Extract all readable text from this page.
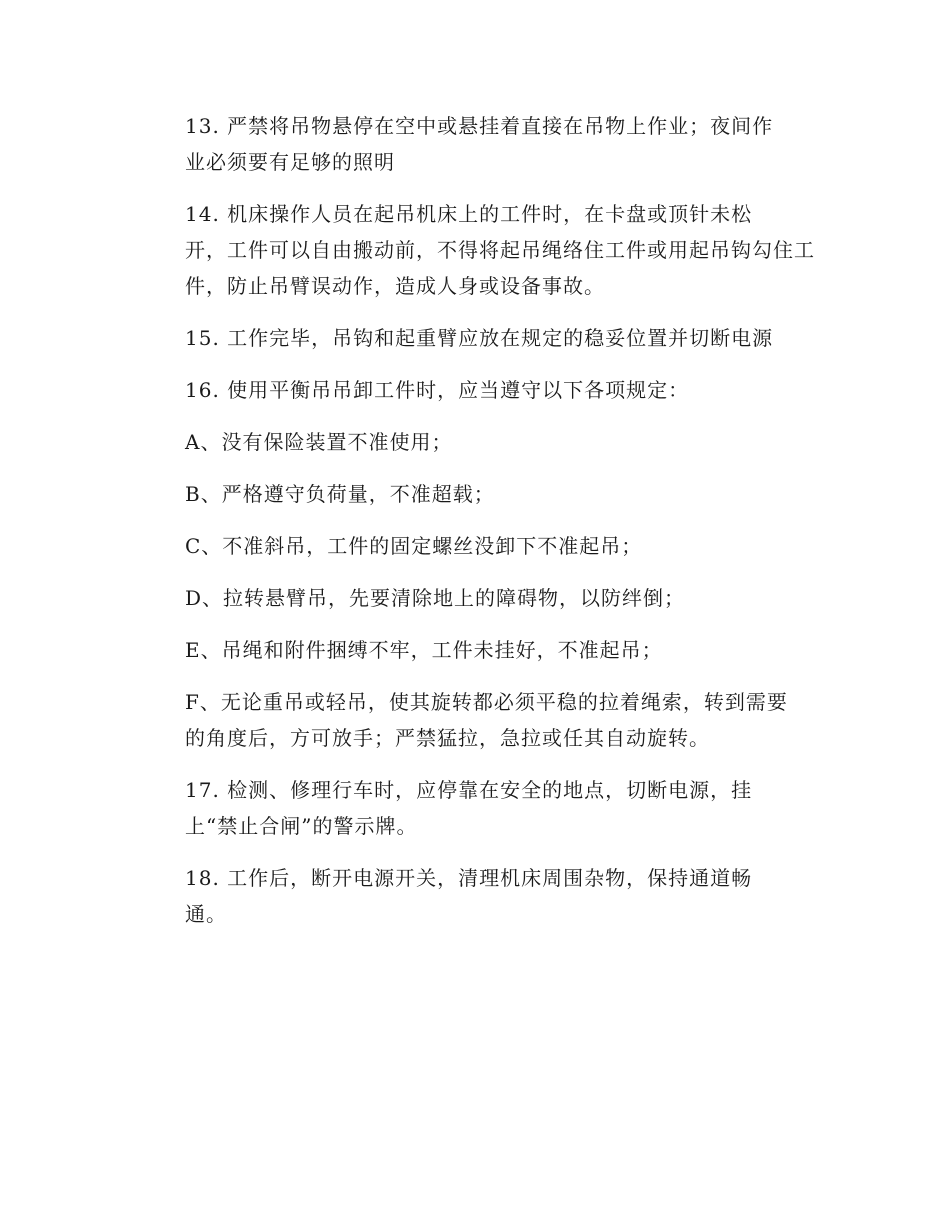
13. 严禁将吊物悬停在空中或悬挂着直接在吊物上作业；夜间作
业必须要有足够的照明

14. 机床操作人员在起吊机床上的工件时，在卡盘或顶针未松
开，工件可以自由搬动前，不得将起吊绳络住工件或用起吊钩勾住工
件，防止吊臂误动作，造成人身或设备事故。

15. 工作完毕，吊钩和起重臂应放在规定的稳妥位置并切断电源

16. 使用平衡吊吊卸工件时，应当遵守以下各项规定：

A、没有保险装置不准使用；

B、严格遵守负荷量，不准超载；

C、不准斜吊，工件的固定螺丝没卸下不准起吊；

D、拉转悬臂吊，先要清除地上的障碍物，以防绊倒；

E、吊绳和附件捆缚不牢，工件未挂好，不准起吊；

F、无论重吊或轻吊，使其旋转都必须平稳的拉着绳索，转到需要
的角度后，方可放手；严禁猛拉，急拉或任其自动旋转。

17. 检测、修理行车时，应停靠在安全的地点，切断电源，挂
上“禁止合闸”的警示牌。

18. 工作后，断开电源开关，清理机床周围杂物，保持通道畅
通。
